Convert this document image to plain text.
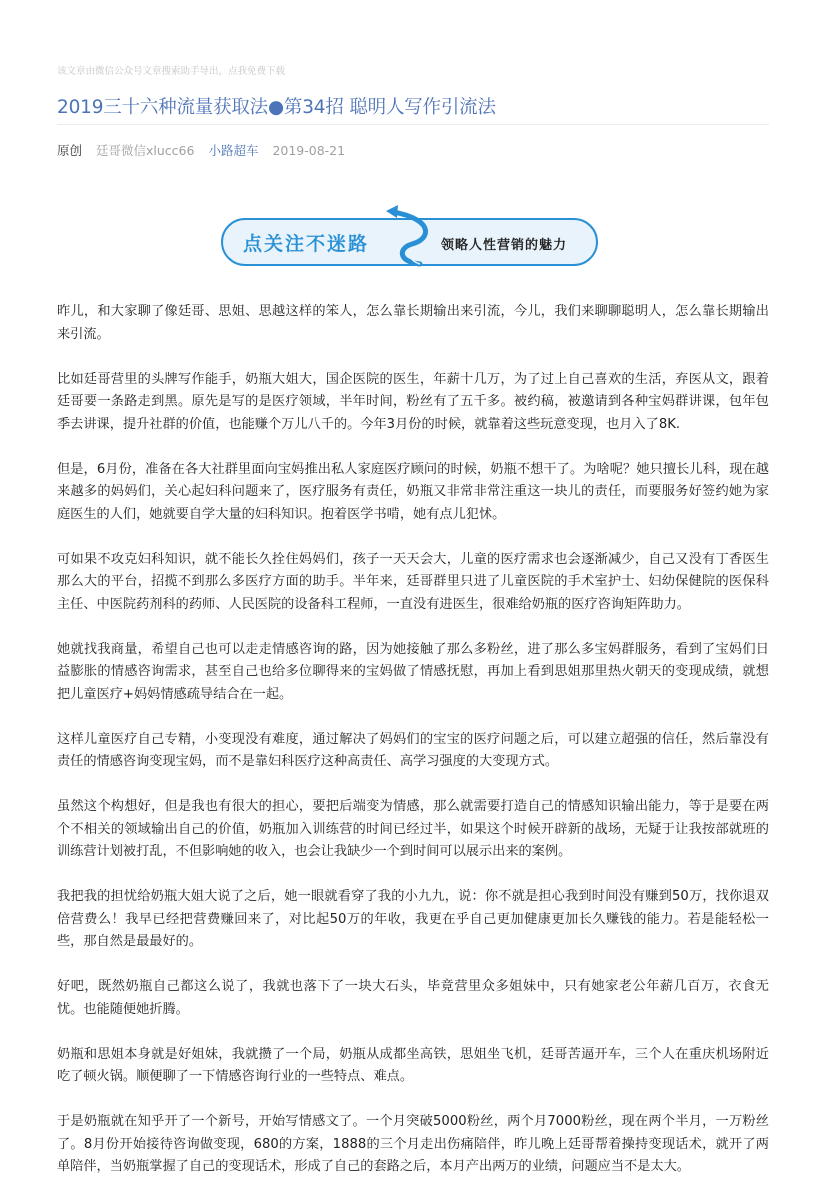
该文章由微信公众号文章搜索助手导出，点我免费下载
2019三十六种流量获取法●第34招 聪明人写作引流法
原创 廷哥微信xlucc66 小路超车 2019-08-21
点关注不迷路	领略人性营销的魅力

昨儿，和大家聊了像廷哥、思姐、思越这样的笨人，怎么靠长期输出来引流，今儿，我们来聊聊聪明人，怎么靠长期输出来引流。

比如廷哥营里的头牌写作能手，奶瓶大姐大，国企医院的医生，年薪十几万，为了过上自己喜欢的生活，弃医从文，跟着廷哥要一条路走到黑。原先是写的是医疗领域，半年时间，粉丝有了五千多。被约稿，被邀请到各种宝妈群讲课，包年包季去讲课，提升社群的价值，也能赚个万儿八千的。今年3月份的时候，就靠着这些玩意变现，也月入了8K.

但是，6月份，准备在各大社群里面向宝妈推出私人家庭医疗顾问的时候，奶瓶不想干了。为啥呢？她只擅长儿科，现在越来越多的妈妈们，关心起妇科问题来了，医疗服务有责任，奶瓶又非常非常注重这一块儿的责任，而要服务好签约她为家庭医生的人们，她就要自学大量的妇科知识。抱着医学书啃，她有点儿犯怵。

可如果不攻克妇科知识，就不能长久拴住妈妈们，孩子一天天会大，儿童的医疗需求也会逐渐减少，自己又没有丁香医生那么大的平台，招揽不到那么多医疗方面的助手。半年来，廷哥群里只进了儿童医院的手术室护士、妇幼保健院的医保科主任、中医院药剂科的药师、人民医院的设备科工程师，一直没有进医生，很难给奶瓶的医疗咨询矩阵助力。

她就找我商量，希望自己也可以走走情感咨询的路，因为她接触了那么多粉丝，进了那么多宝妈群服务，看到了宝妈们日益膨胀的情感咨询需求，甚至自己也给多位聊得来的宝妈做了情感抚慰，再加上看到思姐那里热火朝天的变现成绩，就想把儿童医疗+妈妈情感疏导结合在一起。

这样儿童医疗自己专精，小变现没有难度，通过解决了妈妈们的宝宝的医疗问题之后，可以建立超强的信任，然后靠没有责任的情感咨询变现宝妈，而不是靠妇科医疗这种高责任、高学习强度的大变现方式。

虽然这个构想好，但是我也有很大的担心，要把后端变为情感，那么就需要打造自己的情感知识输出能力，等于是要在两个不相关的领域输出自己的价值，奶瓶加入训练营的时间已经过半，如果这个时候开辟新的战场，无疑于让我按部就班的训练营计划被打乱，不但影响她的收入，也会让我缺少一个到时间可以展示出来的案例。

我把我的担忧给奶瓶大姐大说了之后，她一眼就看穿了我的小九九，说：你不就是担心我到时间没有赚到50万，找你退双倍营费么！我早已经把营费赚回来了，对比起50万的年收，我更在乎自己更加健康更加长久赚钱的能力。若是能轻松一些，那自然是最最好的。

好吧，既然奶瓶自己都这么说了，我就也落下了一块大石头，毕竟营里众多姐妹中，只有她家老公年薪几百万，衣食无忧。也能随便她折腾。

奶瓶和思姐本身就是好姐妹，我就攒了一个局，奶瓶从成都坐高铁，思姐坐飞机，廷哥苦逼开车，三个人在重庆机场附近吃了顿火锅。顺便聊了一下情感咨询行业的一些特点、难点。

于是奶瓶就在知乎开了一个新号，开始写情感文了。一个月突破5000粉丝，两个月7000粉丝，现在两个半月，一万粉丝了。8月份开始接待咨询做变现，680的方案，1888的三个月走出伤痛陪伴，昨儿晚上廷哥帮着操持变现话术，就开了两单陪伴，当奶瓶掌握了自己的变现话术，形成了自己的套路之后，本月产出两万的业绩，问题应当不是太大。
